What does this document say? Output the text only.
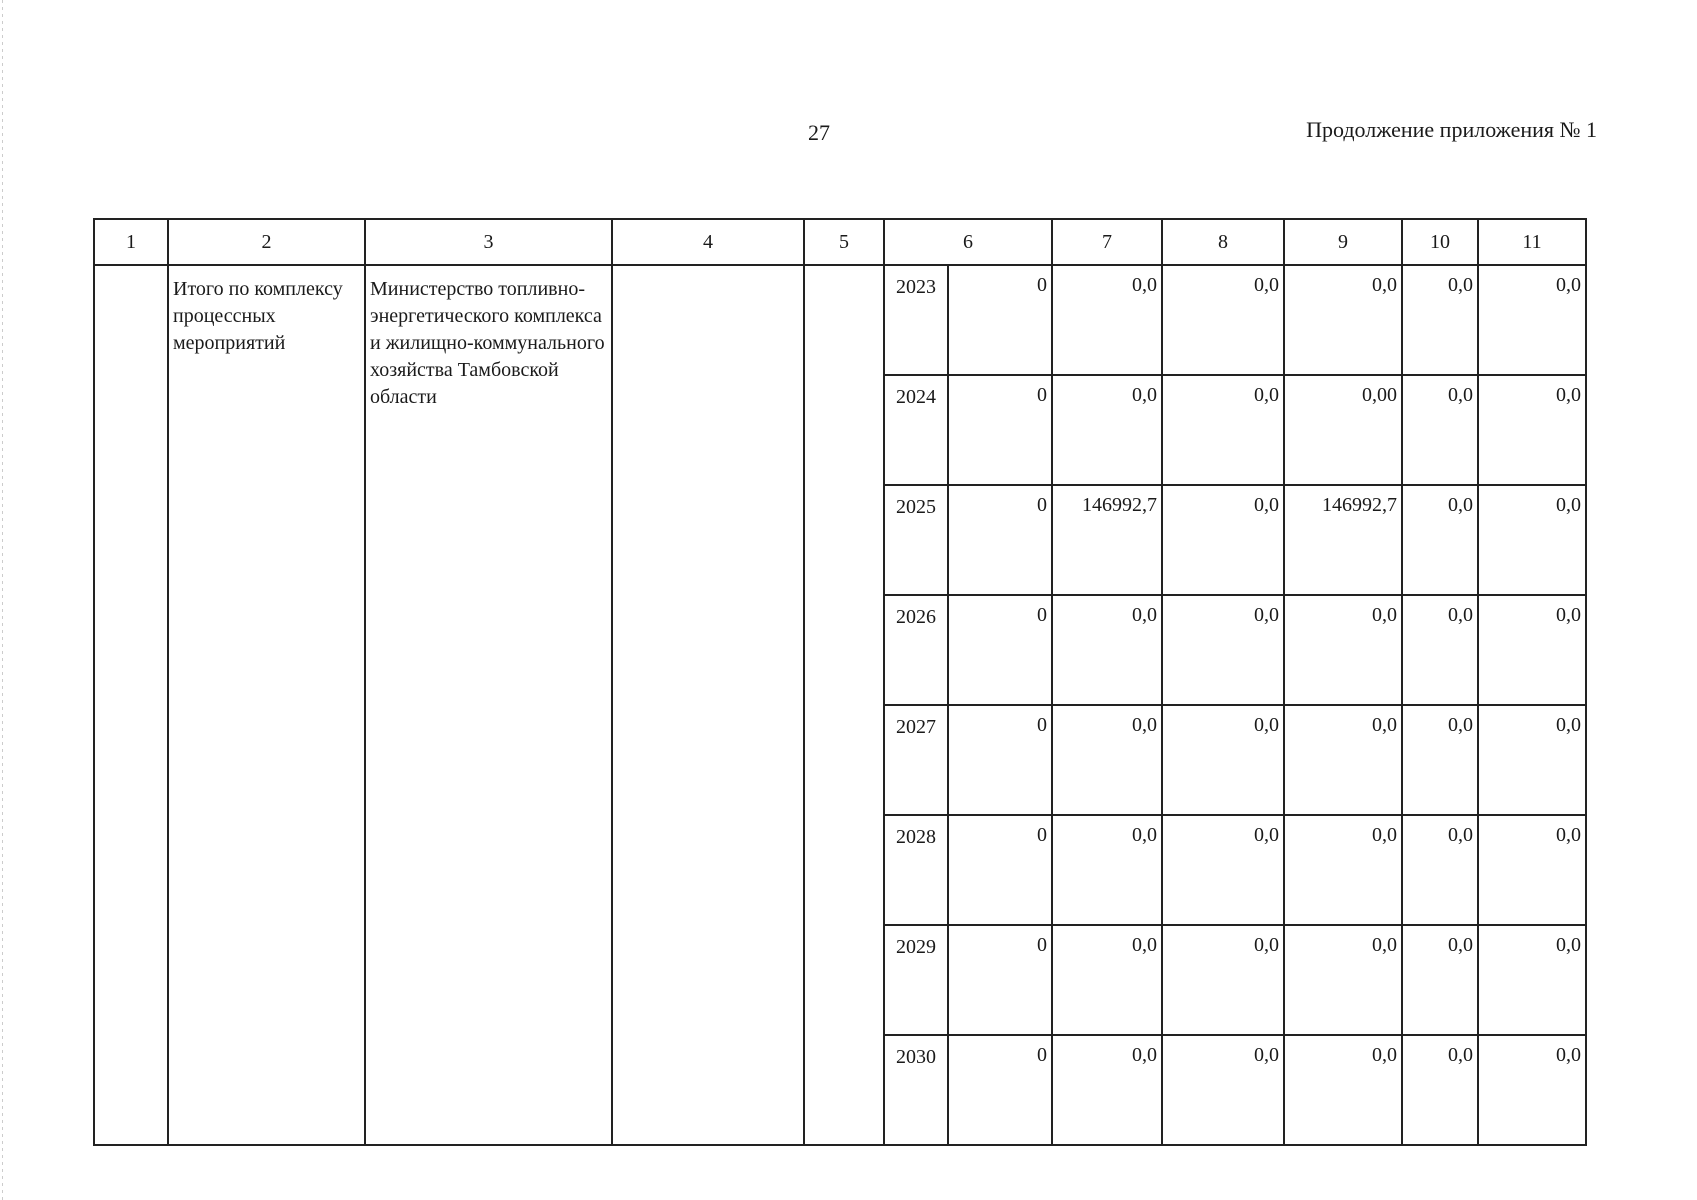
27	Продолжение приложения № 1
1	2	3	4	5	6		7	8	9	10	11
	Итого по комплексу процессных мероприятий	Министерство топливно-энергетического комплекса и жилищно-коммунального хозяйства Тамбовской области			2023	0	0,0	0,0	0,0	0,0	0,0
					2024	0	0,0	0,0	0,00	0,0	0,0
					2025	0	146992,7	0,0	146992,7	0,0	0,0
					2026	0	0,0	0,0	0,0	0,0	0,0
					2027	0	0,0	0,0	0,0	0,0	0,0
					2028	0	0,0	0,0	0,0	0,0	0,0
					2029	0	0,0	0,0	0,0	0,0	0,0
					2030	0	0,0	0,0	0,0	0,0	0,0
